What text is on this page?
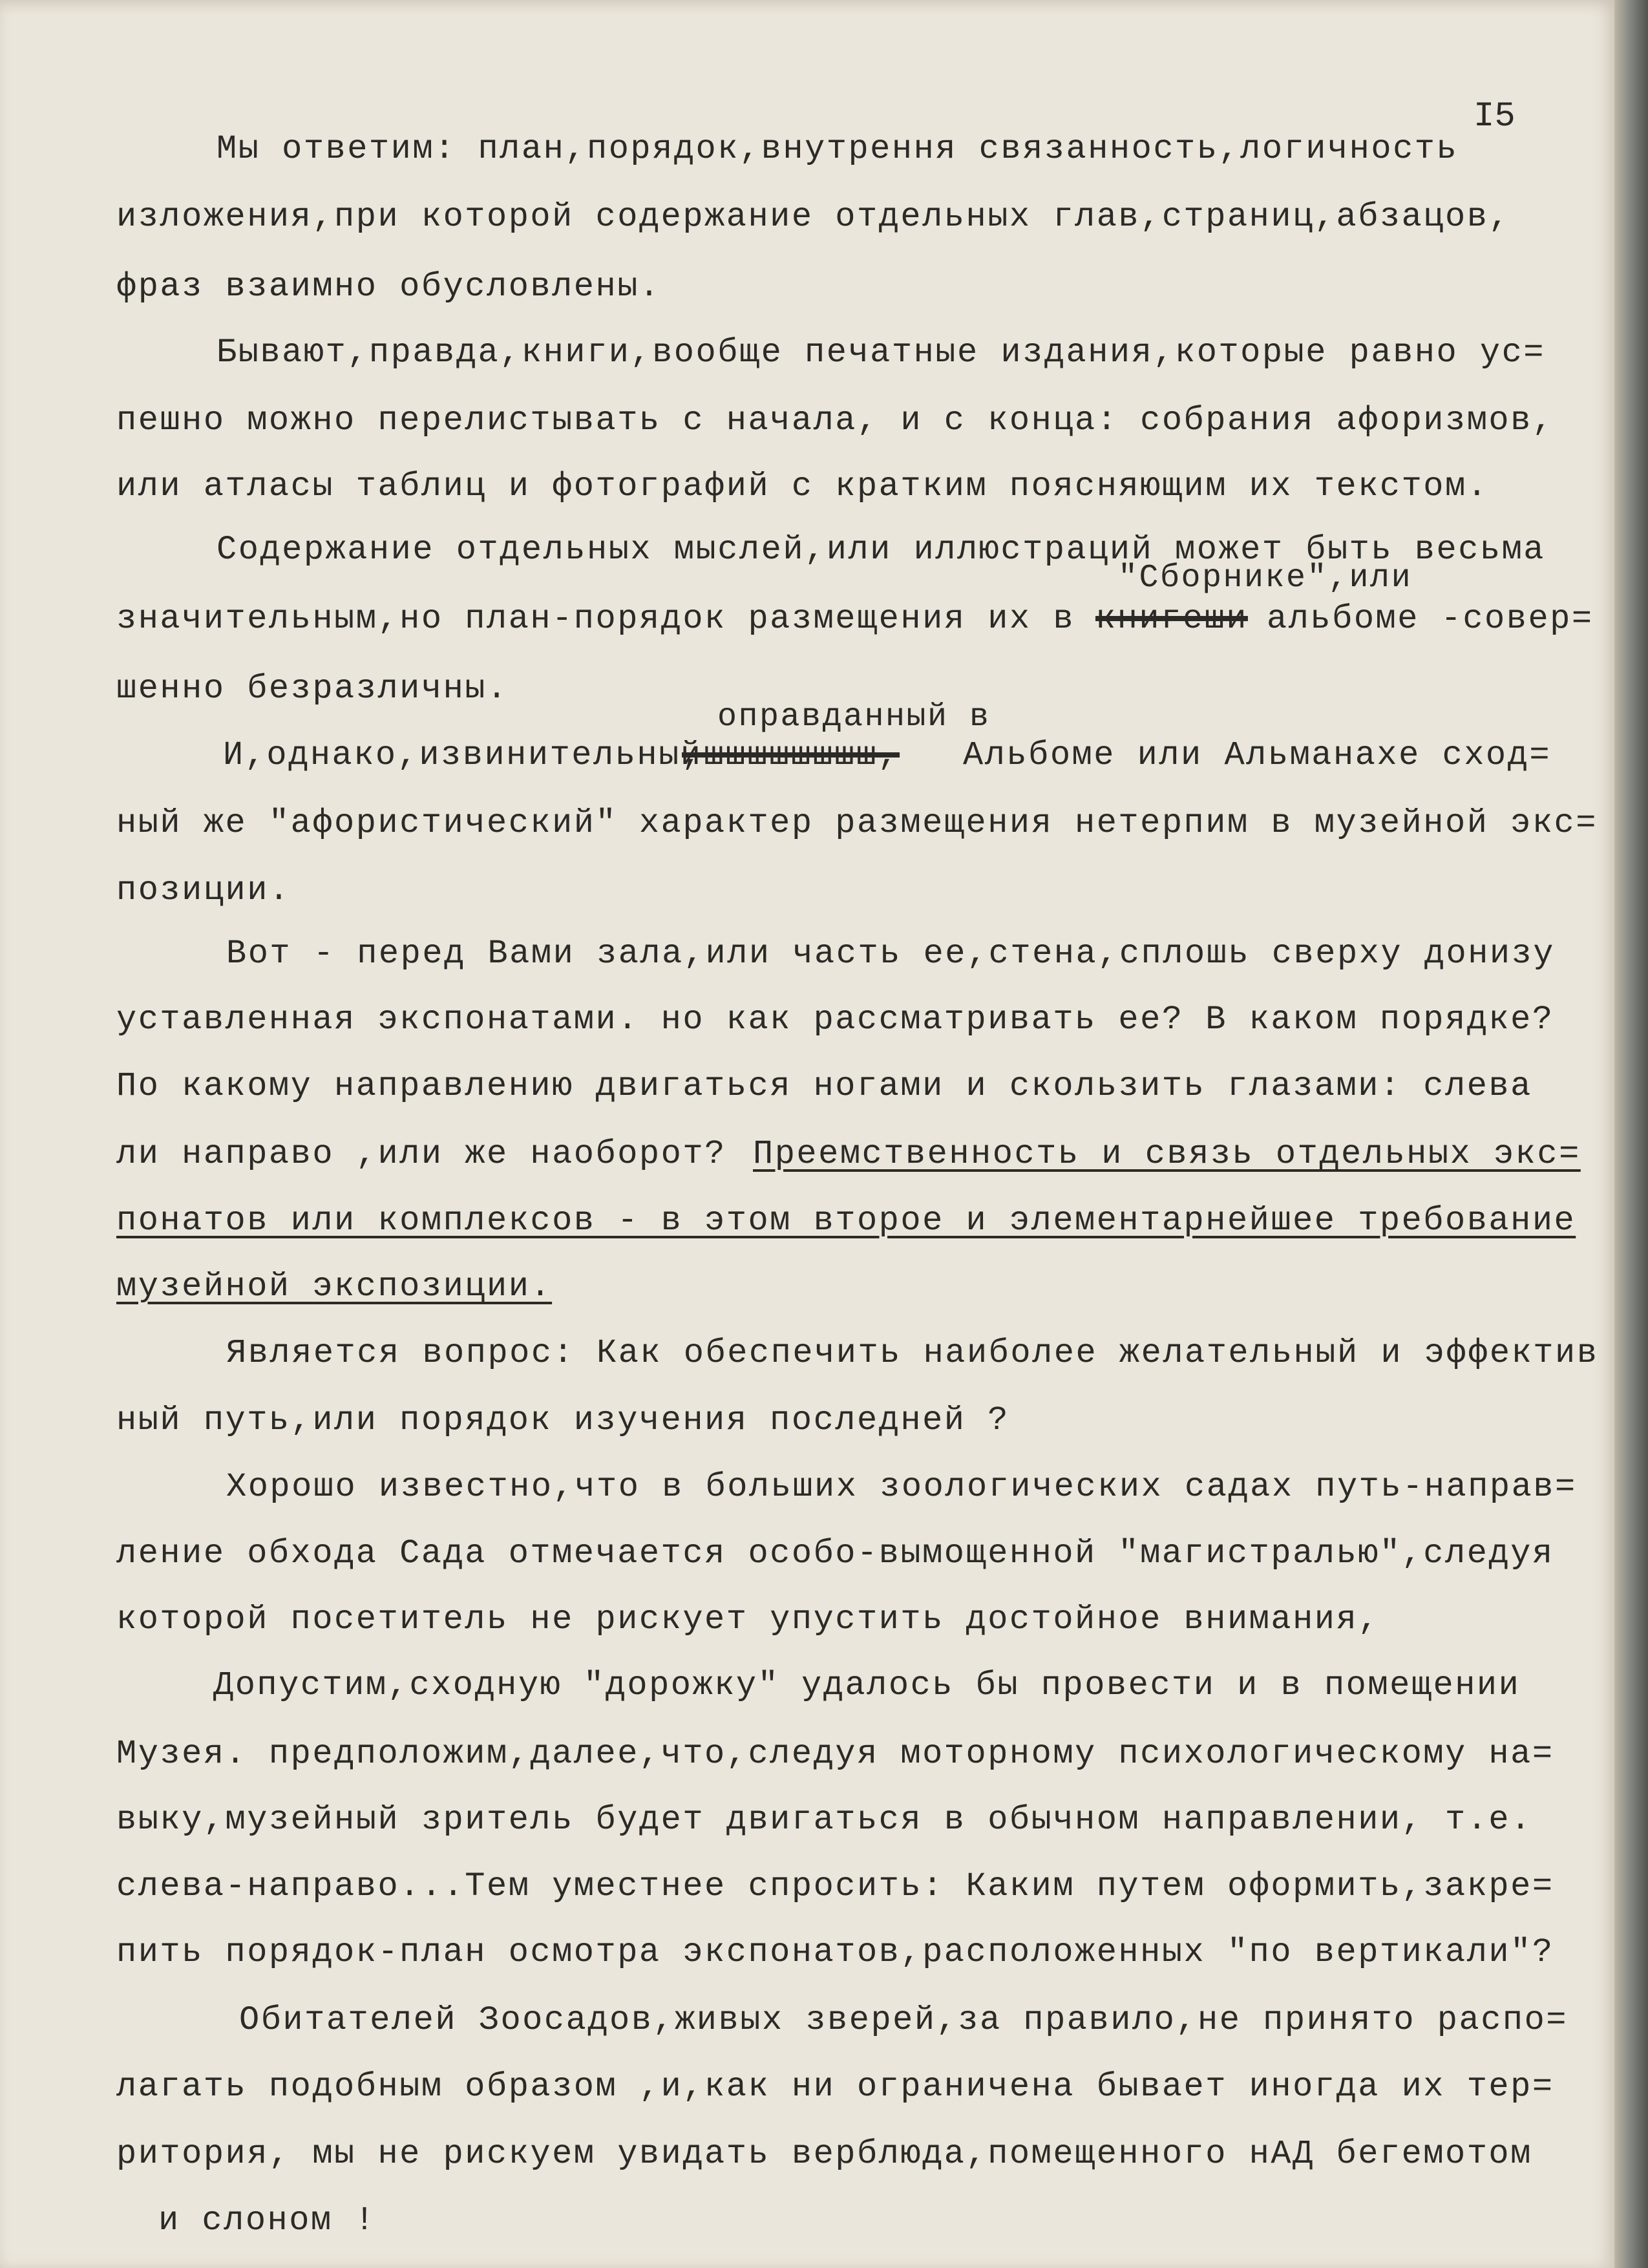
I5
Мы ответим: план,порядок,внутрення связанность,логичность
изложения,при которой содержание отдельных глав,страниц,абзацов,
фраз взаимно обусловлены.
Бывают,правда,книги,вообще печатные издания,которые равно ус=
пешно можно перелистывать с начала, и с конца: собрания афоризмов,
или атласы таблиц и фотографий с кратким поясняющим их текстом.
Содержание отдельных мыслей,или иллюстраций может быть весьма
"Сборнике",или
значительным,но план-порядок размещения их в книгеши альбоме -совер=
шенно безразличны.
оправданный в
И,однако,извинительный
,шшшшшшшш, Альбоме или Альманахе сход=
ный же "афористический" характер размещения нетерпим в музейной экс=
позиции.
Вот - перед Вами зала,или часть ее,стена,сплошь сверху донизу
уставленная экспонатами. но как рассматривать ее? В каком порядке?
По какому направлению двигаться ногами и скользить глазами: слева
ли направо ,или же наоборот? Преемственность и связь отдельных экс=
понатов или комплексов - в этом второе и элементарнейшее требование
музейной экспозиции.
Является вопрос: Как обеспечить наиболее желательный и эффектив
ный путь,или порядок изучения последней ?
Хорошо известно,что в больших зоологических садах путь-направ=
ление обхода Сада отмечается особо-вымощенной "магистралью",следуя
которой посетитель не рискует упустить достойное внимания,
Допустим,сходную "дорожку" удалось бы провести и в помещении
Музея. предположим,далее,что,следуя моторному психологическому на=
выку,музейный зритель будет двигаться в обычном направлении, т.е.
слева-направо...Тем уместнее спросить: Каким путем оформить,закре=
пить порядок-план осмотра экспонатов,расположенных "по вертикали"?
Обитателей Зоосадов,живых зверей,за правило,не принято распо=
лагать подобным образом ,и,как ни ограничена бывает иногда их тер=
ритория, мы не рискуем увидать верблюда,помещенного нАД бегемотом
и слоном !
